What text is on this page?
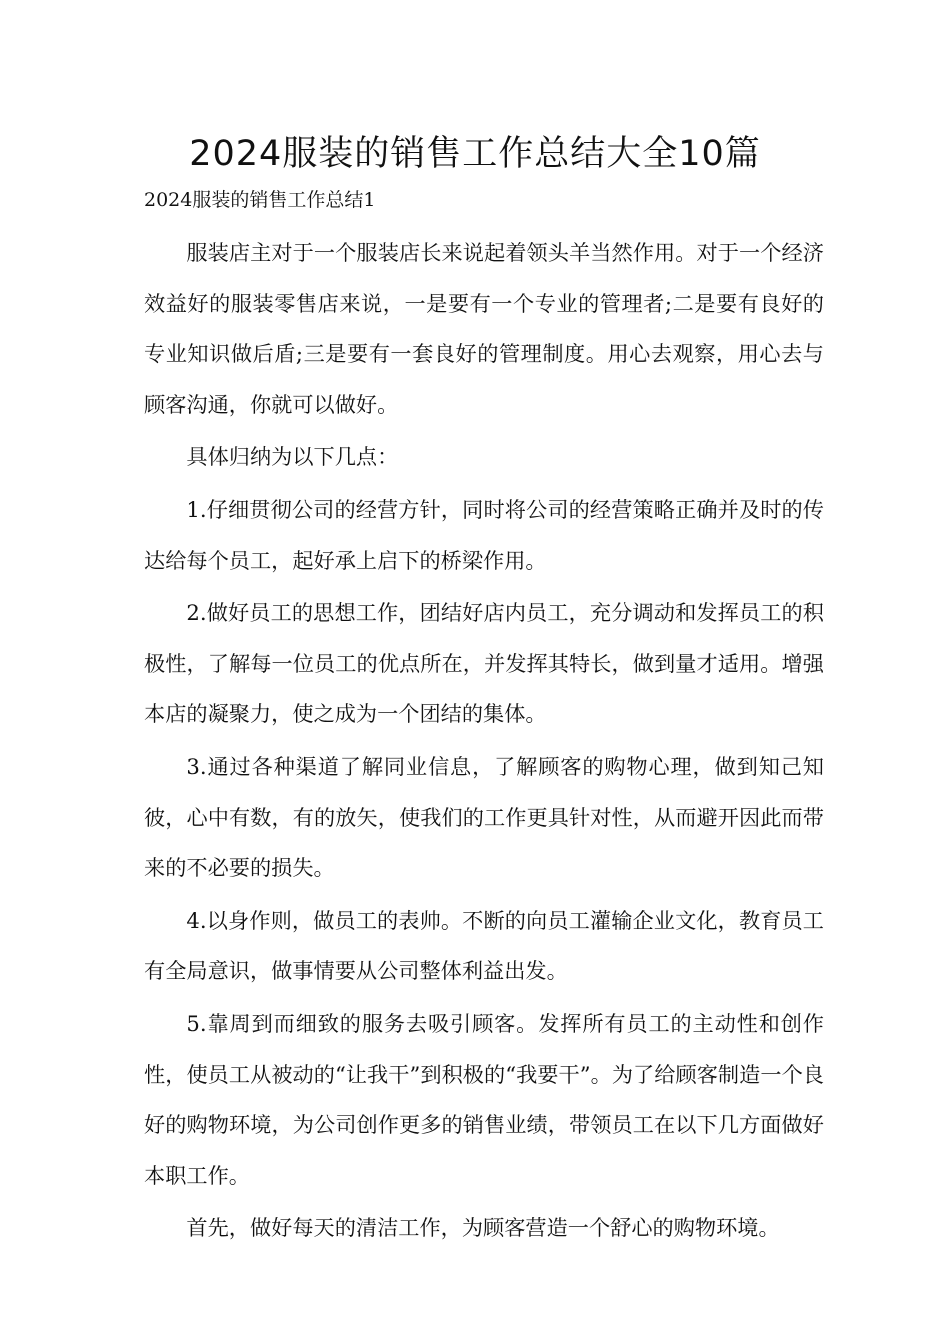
2024服装的销售工作总结大全10篇
2024服装的销售工作总结1

服装店主对于一个服装店长来说起着领头羊当然作用。对于一个经济效益好的服装零售店来说，一是要有一个专业的管理者;二是要有良好的专业知识做后盾;三是要有一套良好的管理制度。用心去观察，用心去与顾客沟通，你就可以做好。

具体归纳为以下几点：

1.仔细贯彻公司的经营方针，同时将公司的经营策略正确并及时的传达给每个员工，起好承上启下的桥梁作用。

2.做好员工的思想工作，团结好店内员工，充分调动和发挥员工的积极性，了解每一位员工的优点所在，并发挥其特长，做到量才适用。增强本店的凝聚力，使之成为一个团结的集体。

3.通过各种渠道了解同业信息，了解顾客的购物心理，做到知己知彼，心中有数，有的放矢，使我们的工作更具针对性，从而避开因此而带来的不必要的损失。

4.以身作则，做员工的表帅。不断的向员工灌输企业文化，教育员工有全局意识，做事情要从公司整体利益出发。

5.靠周到而细致的服务去吸引顾客。发挥所有员工的主动性和创作性，使员工从被动的“让我干”到积极的“我要干”。为了给顾客制造一个良好的购物环境，为公司创作更多的销售业绩，带领员工在以下几方面做好本职工作。

首先，做好每天的清洁工作，为顾客营造一个舒心的购物环境。
